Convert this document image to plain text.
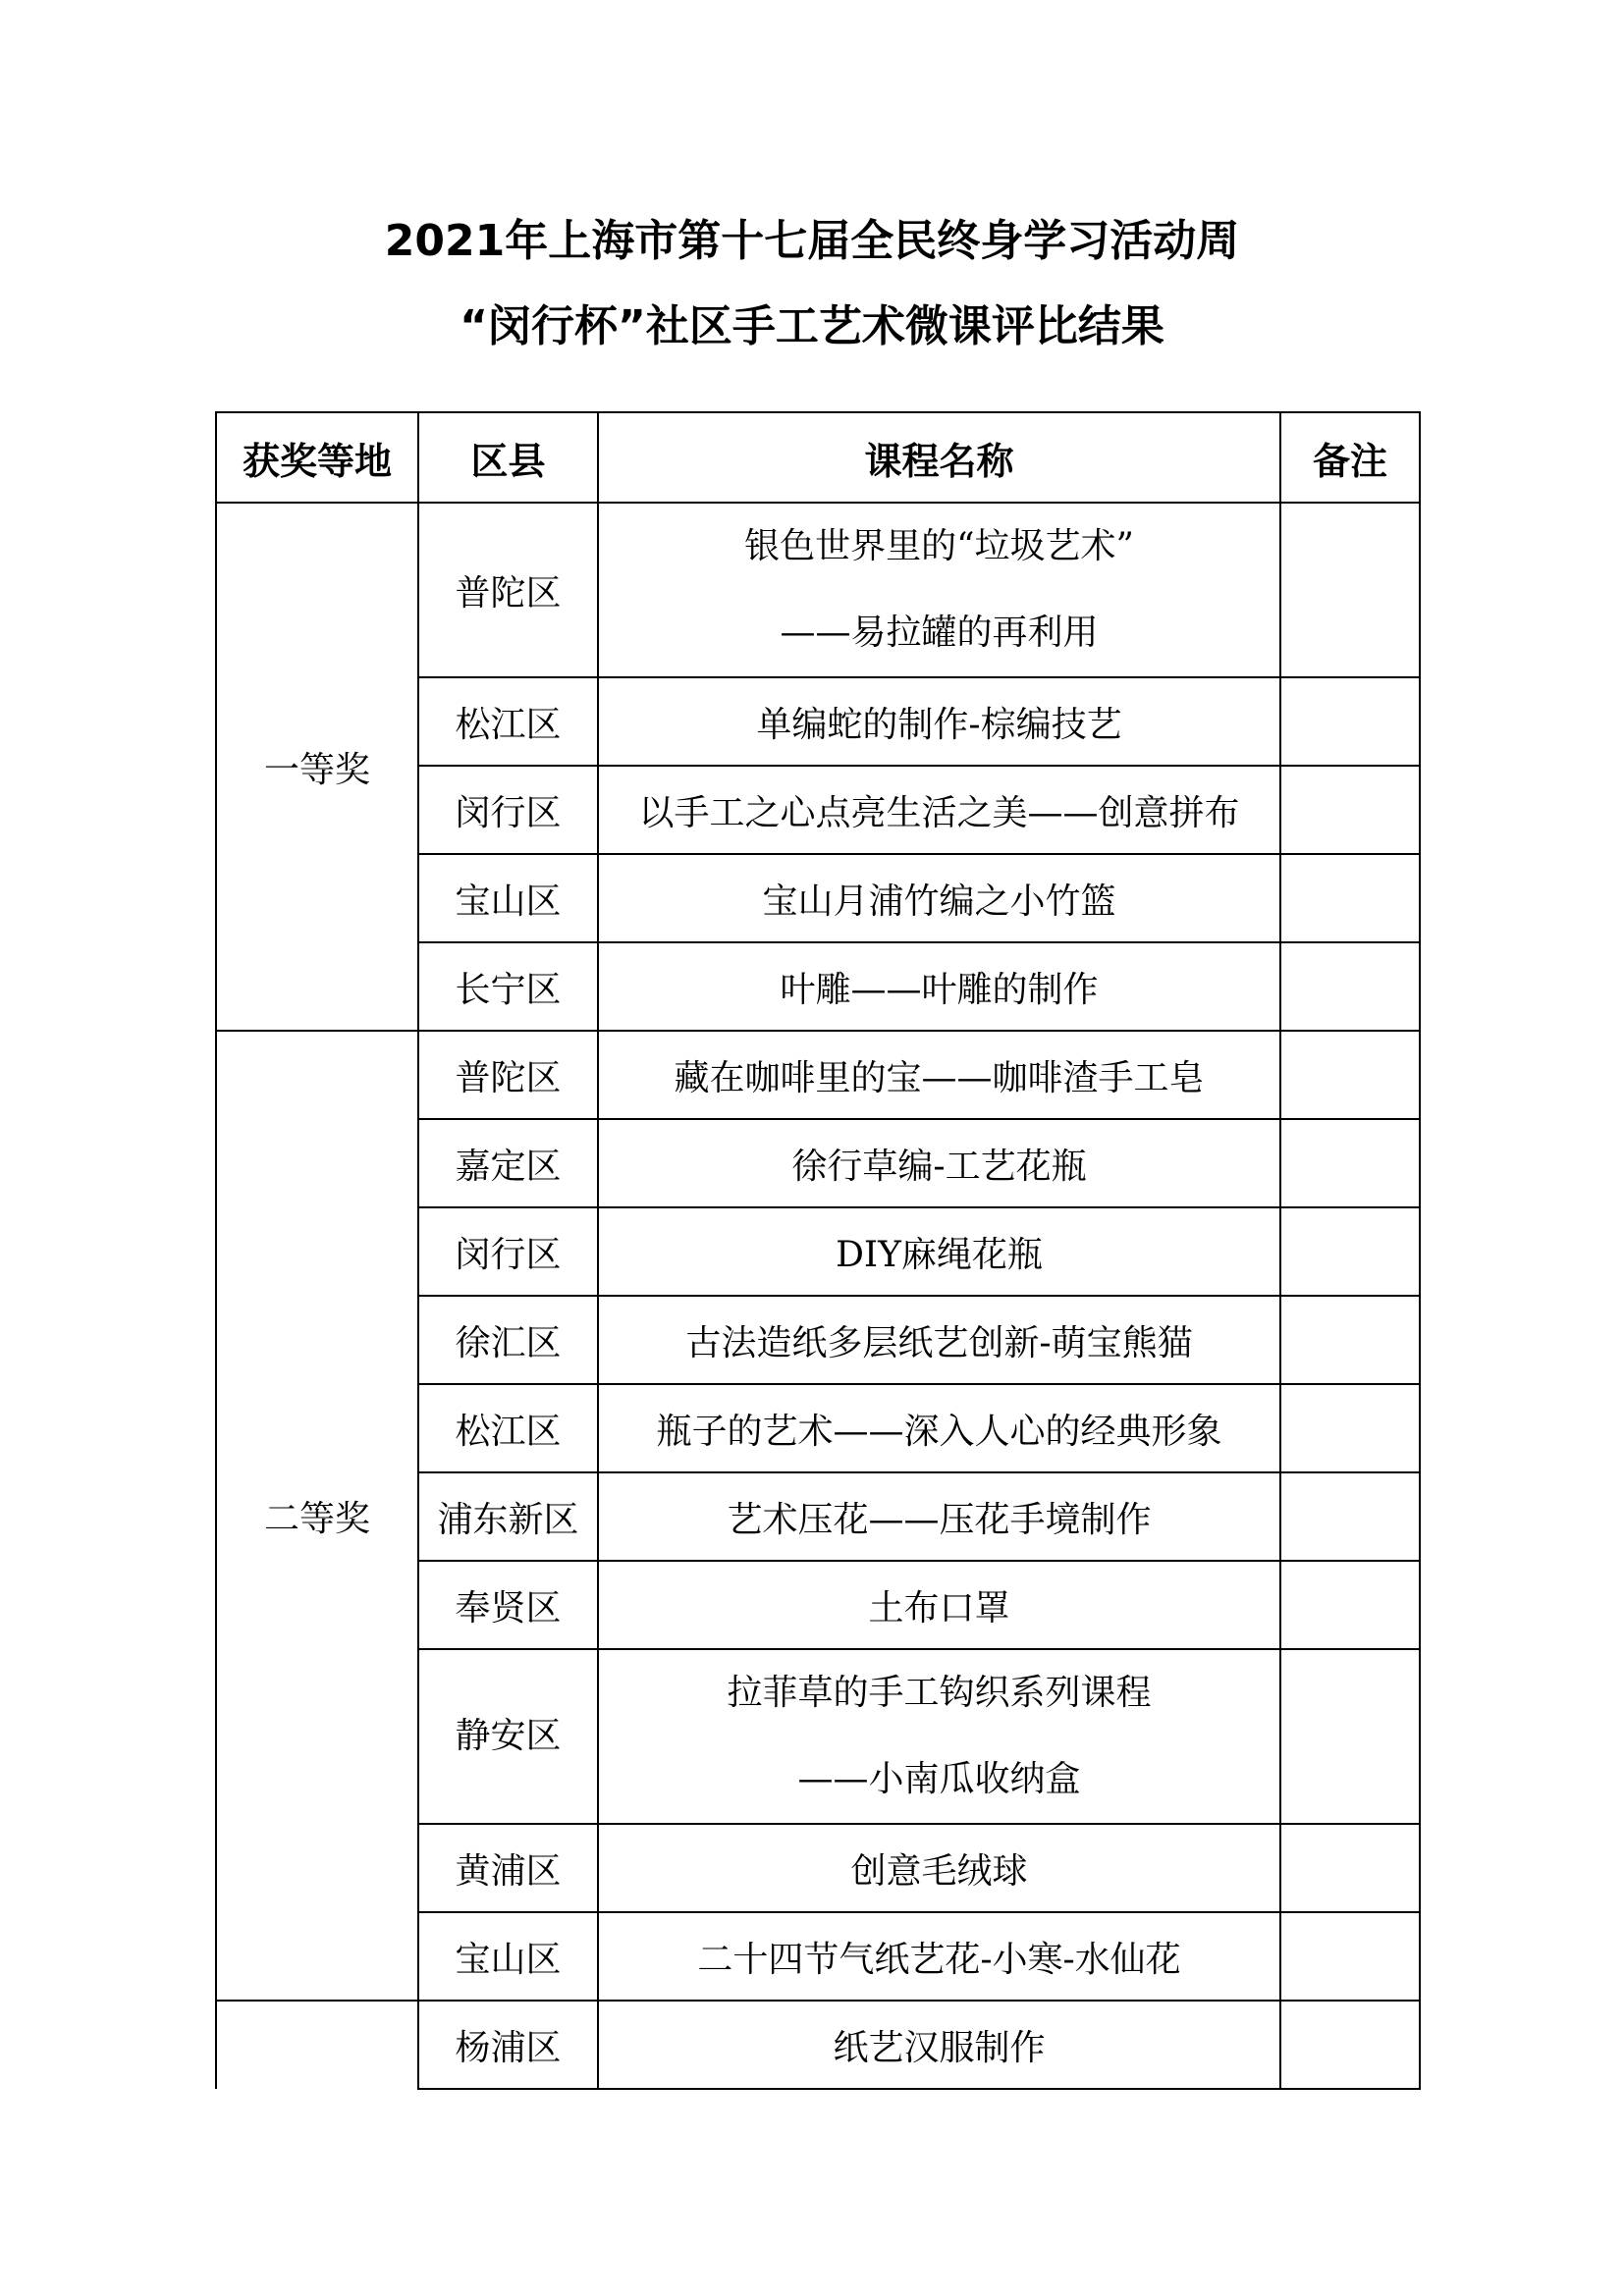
2021年上海市第十七届全民终身学习活动周
“闵行杯”社区手工艺术微课评比结果
获奖等地	区县	课程名称	备注
一等奖	普陀区	银色世界里的“垃圾艺术”
——易拉罐的再利用	

	松江区	单编蛇的制作-棕编技艺	
	闵行区	以手工之心点亮生活之美——创意拼布	
	宝山区	宝山月浦竹编之小竹篮	
	长宁区	叶雕——叶雕的制作	
二等奖	普陀区	藏在咖啡里的宝——咖啡渣手工皂	
	嘉定区	徐行草编-工艺花瓶	
	闵行区	DIY麻绳花瓶	
	徐汇区	古法造纸多层纸艺创新-萌宝熊猫	
	松江区	瓶子的艺术——深入人心的经典形象	
	浦东新区	艺术压花——压花手境制作	
	奉贤区	土布口罩	
	静安区	拉菲草的手工钩织系列课程
——小南瓜收纳盒	

	黄浦区	创意毛绒球	
	宝山区	二十四节气纸艺花-小寒-水仙花	
	杨浦区	纸艺汉服制作	
